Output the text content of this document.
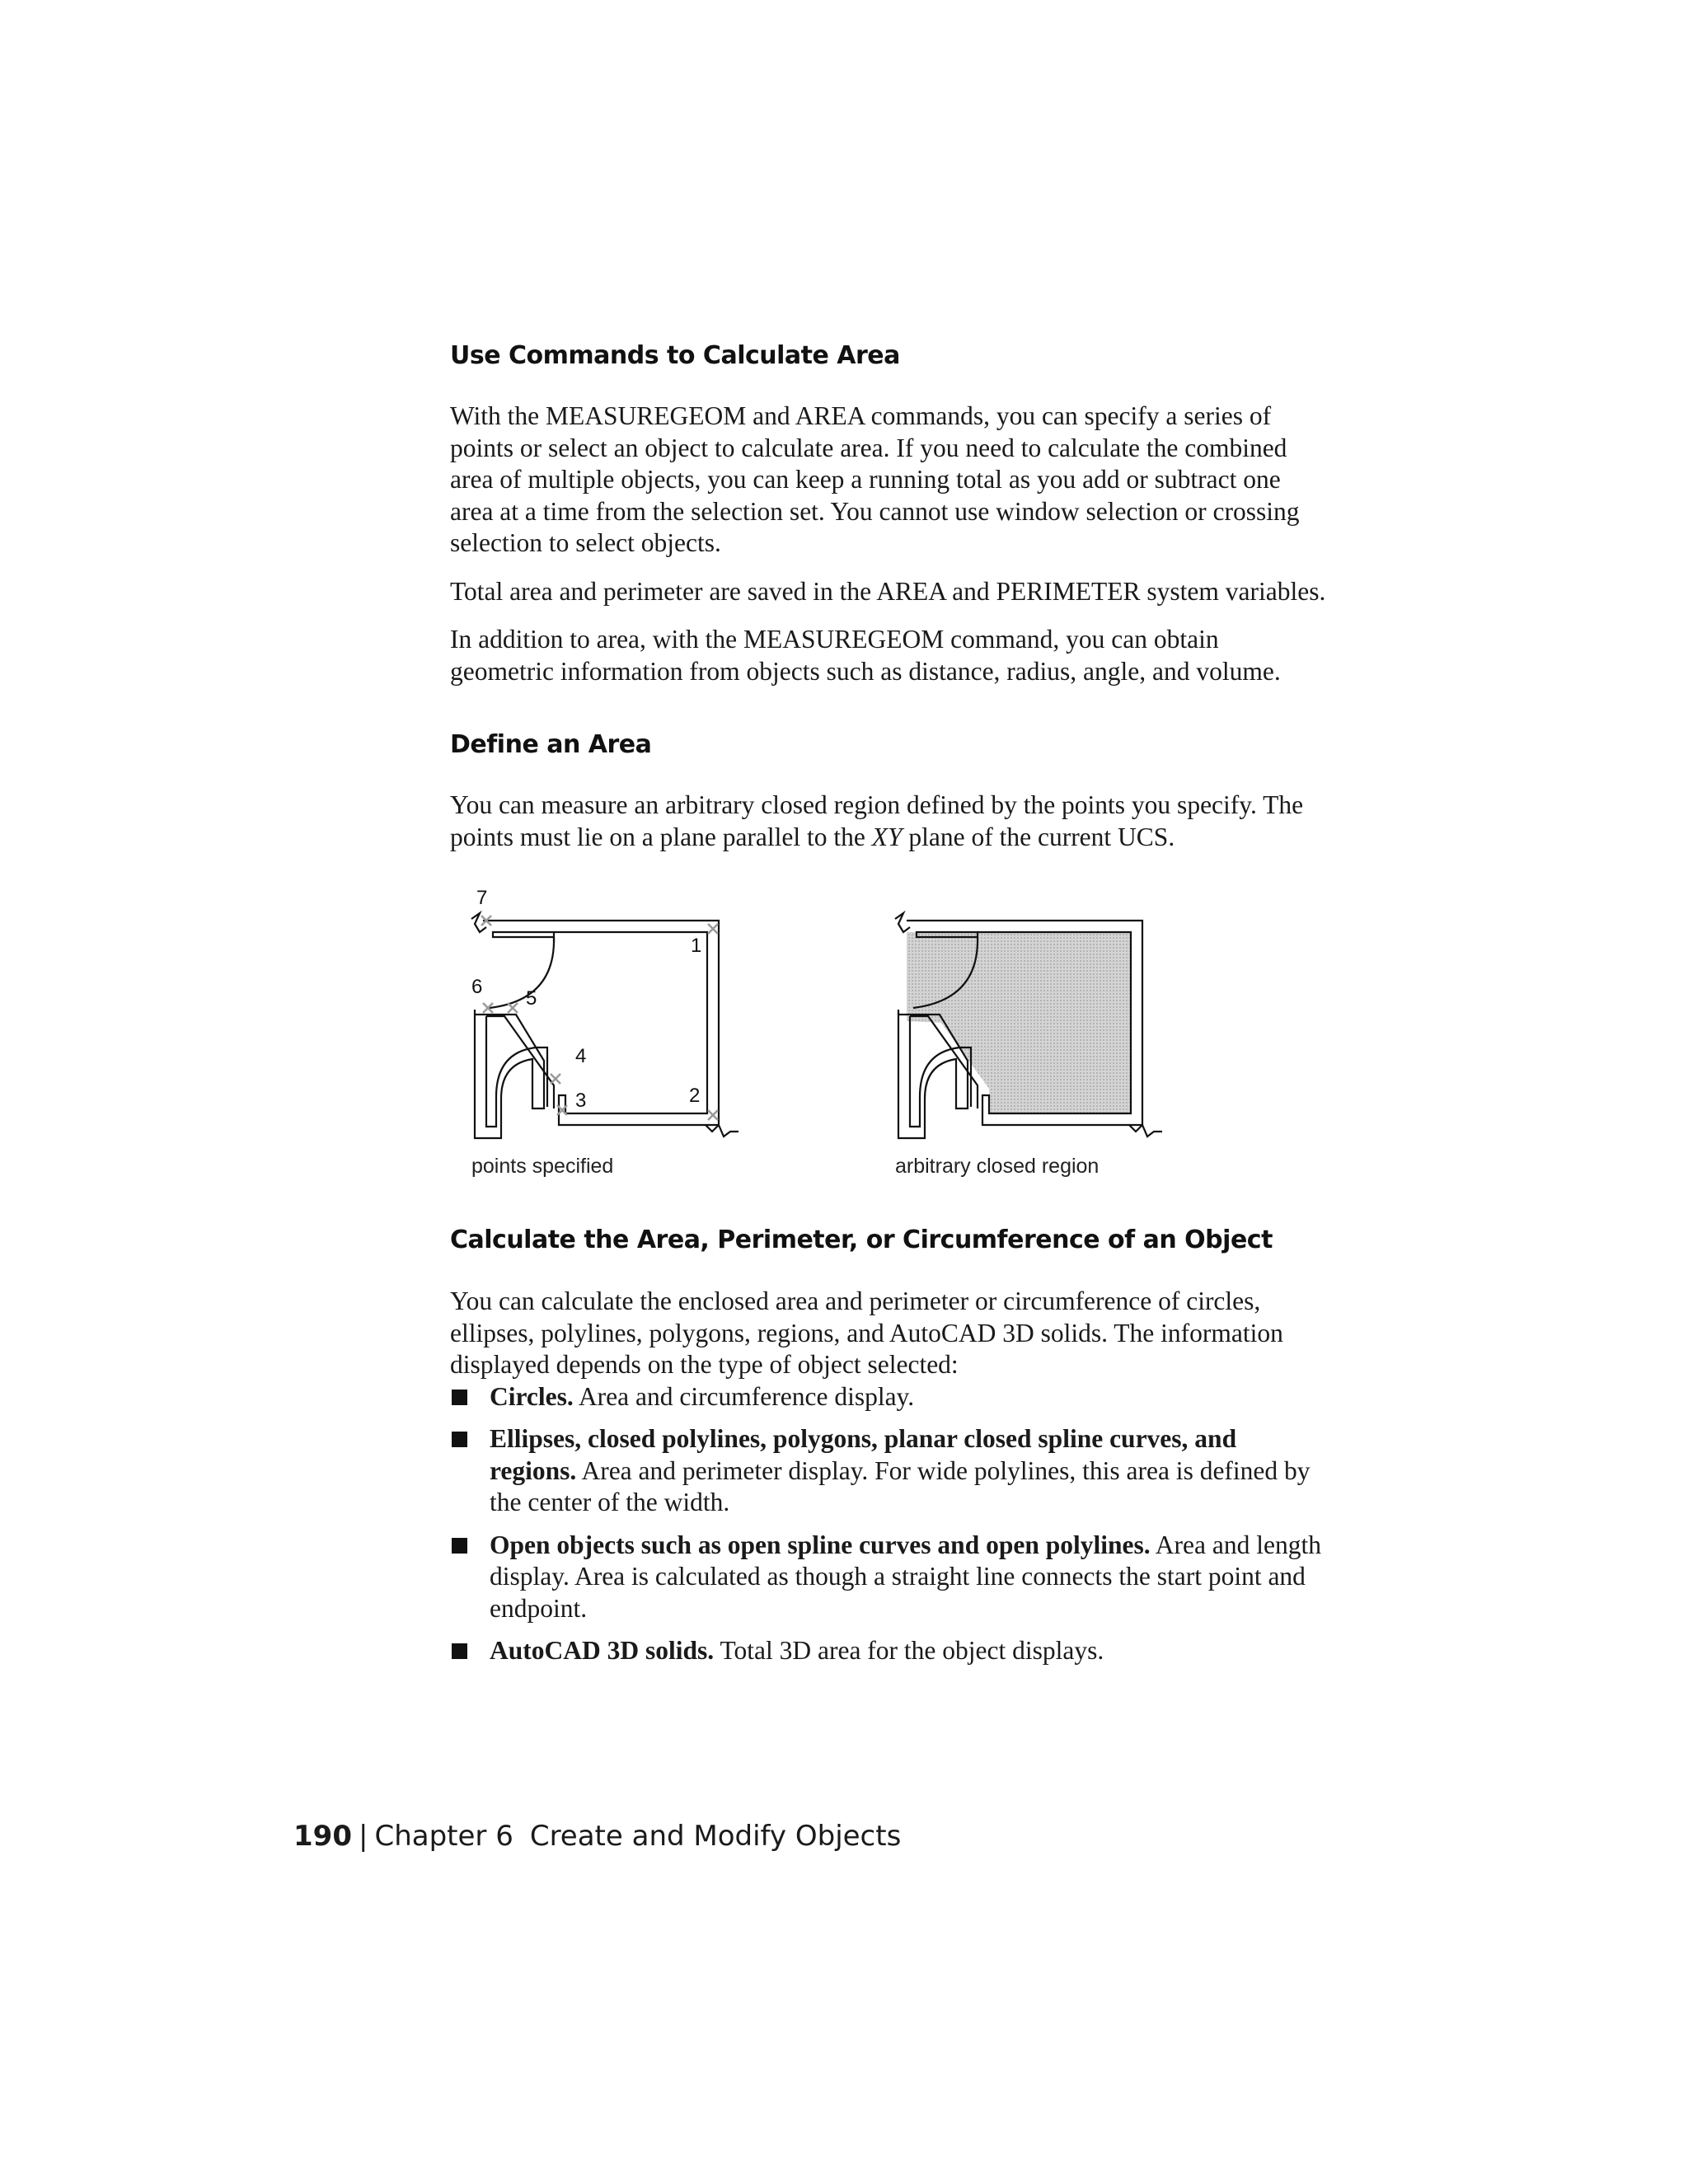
Use Commands to Calculate Area

With the MEASUREGEOM and AREA commands, you can specify a series of points or select an object to calculate area. If you need to calculate the combined area of multiple objects, you can keep a running total as you add or subtract one area at a time from the selection set. You cannot use window selection or crossing selection to select objects.

Total area and perimeter are saved in the AREA and PERIMETER system variables.

In addition to area, with the MEASUREGEOM command, you can obtain geometric information from objects such as distance, radius, angle, and volume.

Define an Area

You can measure an arbitrary closed region defined by the points you specify. The points must lie on a plane parallel to the XY plane of the current UCS.

1
2
3
4
5
6
7
points specified	arbitrary closed region
Calculate the Area, Perimeter, or Circumference of an Object

You can calculate the enclosed area and perimeter or circumference of circles, ellipses, polylines, polygons, regions, and AutoCAD 3D solids. The information displayed depends on the type of object selected:

Circles. Area and circumference display.
Ellipses, closed polylines, polygons, planar closed spline curves, and regions. Area and perimeter display. For wide polylines, this area is defined by the center of the width.
Open objects such as open spline curves and open polylines. Area and length display. Area is calculated as though a straight line connects the start point and endpoint.
AutoCAD 3D solids. Total 3D area for the object displays.
190 | Chapter 6 Create and Modify Objects
